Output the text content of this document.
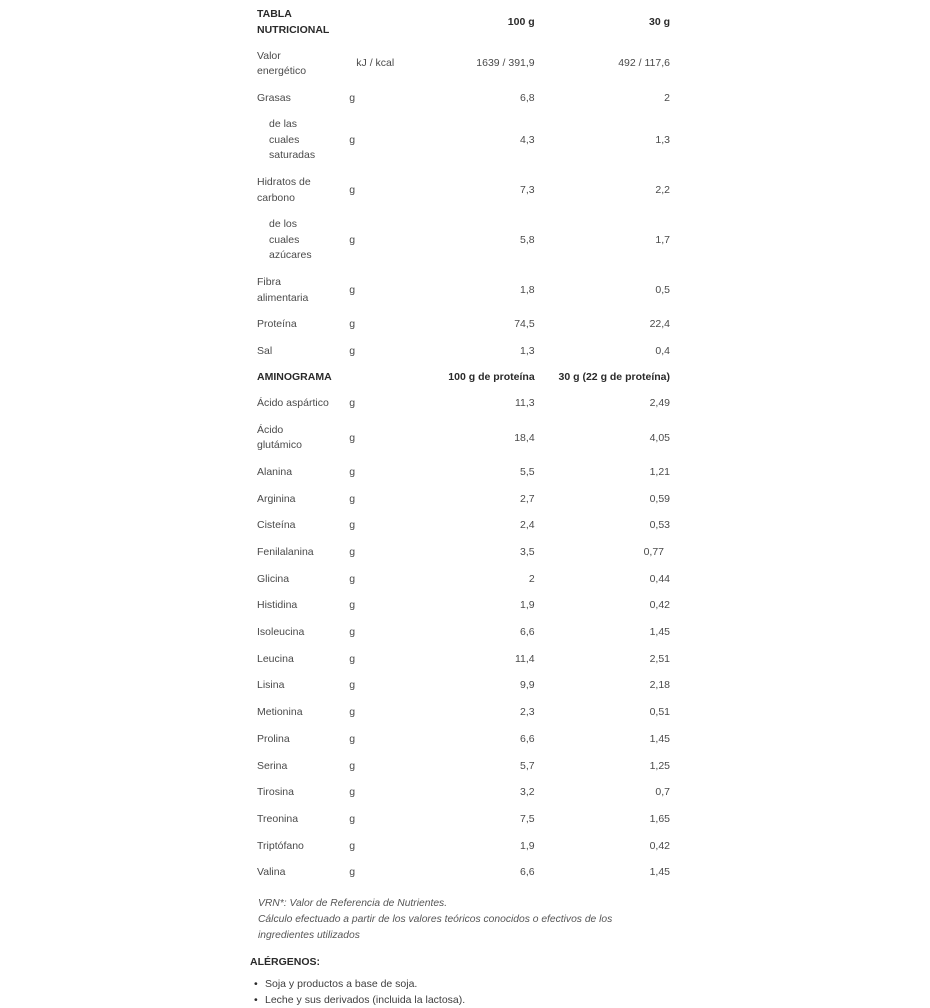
TABLA NUTRICIONAL		100 g	30 g
Valor energético	kJ / kcal	1639 / 391,9	492 / 117,6
Grasas	g	6,8	2
de las cuales saturadas	g	4,3	1,3
Hidratos de carbono	g	7,3	2,2
de los cuales azúcares	g	5,8	1,7
Fibra alimentaria	g	1,8	0,5
Proteína	g	74,5	22,4
Sal	g	1,3	0,4
AMINOGRAMA		100 g de proteína	30 g (22 g de proteína)
Ácido aspártico	g	11,3	2,49
Ácido glutámico	g	18,4	4,05
Alanina	g	5,5	1,21
Arginina	g	2,7	0,59
Cisteína	g	2,4	0,53
Fenilalanina	g	3,5	0,77
Glicina	g	2	0,44
Histidina	g	1,9	0,42
Isoleucina	g	6,6	1,45
Leucina	g	11,4	2,51
Lisina	g	9,9	2,18
Metionina	g	2,3	0,51
Prolina	g	6,6	1,45
Serina	g	5,7	1,25
Tirosina	g	3,2	0,7
Treonina	g	7,5	1,65
Triptófano	g	1,9	0,42
Valina	g	6,6	1,45
VRN*: Valor de Referencia de Nutrientes.
Cálculo efectuado a partir de los valores teóricos conocidos o efectivos de los ingredientes utilizados
ALÉRGENOS:
• Soja y productos a base de soja.
• Leche y sus derivados (incluida la lactosa).
